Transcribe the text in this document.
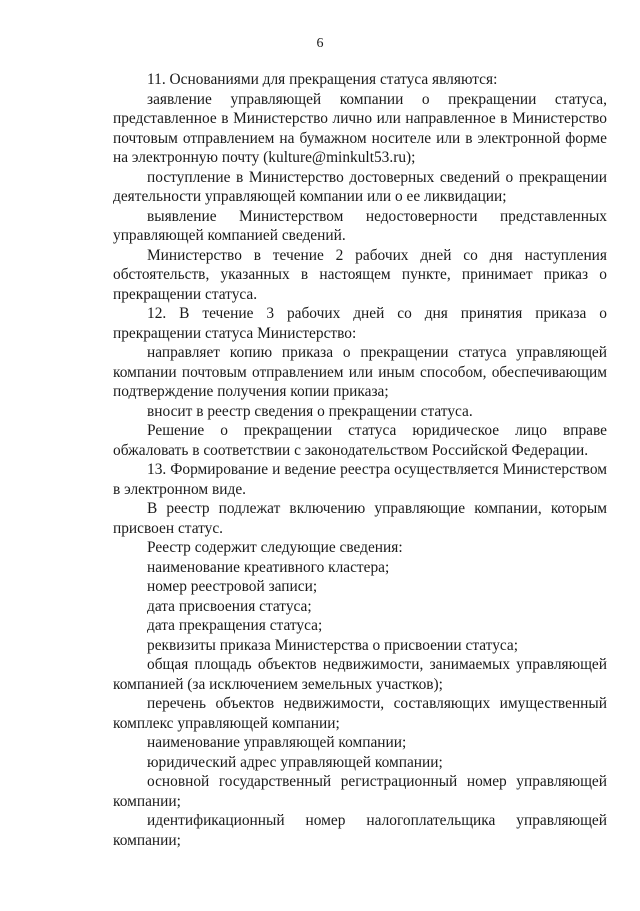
6

11. Основаниями для прекращения статуса являются:

заявление управляющей компании о прекращении статуса, представленное в Министерство лично или направленное в Министерство почтовым отправлением на бумажном носителе или в электронной форме на электронную почту (kulture@minkult53.ru);

поступление в Министерство достоверных сведений о прекращении деятельности управляющей компании или о ее ликвидации;

выявление Министерством недостоверности представленных управляющей компанией сведений.

Министерство в течение 2 рабочих дней со дня наступления обстоятельств, указанных в настоящем пункте, принимает приказ о прекращении статуса.

12. В течение 3 рабочих дней со дня принятия приказа о прекращении статуса Министерство:

направляет копию приказа о прекращении статуса управляющей компании почтовым отправлением или иным способом, обеспечивающим подтверждение получения копии приказа;

вносит в реестр сведения о прекращении статуса.

Решение о прекращении статуса юридическое лицо вправе обжаловать в соответствии с законодательством Российской Федерации.

13. Формирование и ведение реестра осуществляется Министерством в электронном виде.

В реестр подлежат включению управляющие компании, которым присвоен статус.

Реестр содержит следующие сведения:

наименование креативного кластера;

номер реестровой записи;

дата присвоения статуса;

дата прекращения статуса;

реквизиты приказа Министерства о присвоении статуса;

общая площадь объектов недвижимости, занимаемых управляющей компанией (за исключением земельных участков);

перечень объектов недвижимости, составляющих имущественный комплекс управляющей компании;

наименование управляющей компании;

юридический адрес управляющей компании;

основной государственный регистрационный номер управляющей компании;

идентификационный номер налогоплательщика управляющей компании;
